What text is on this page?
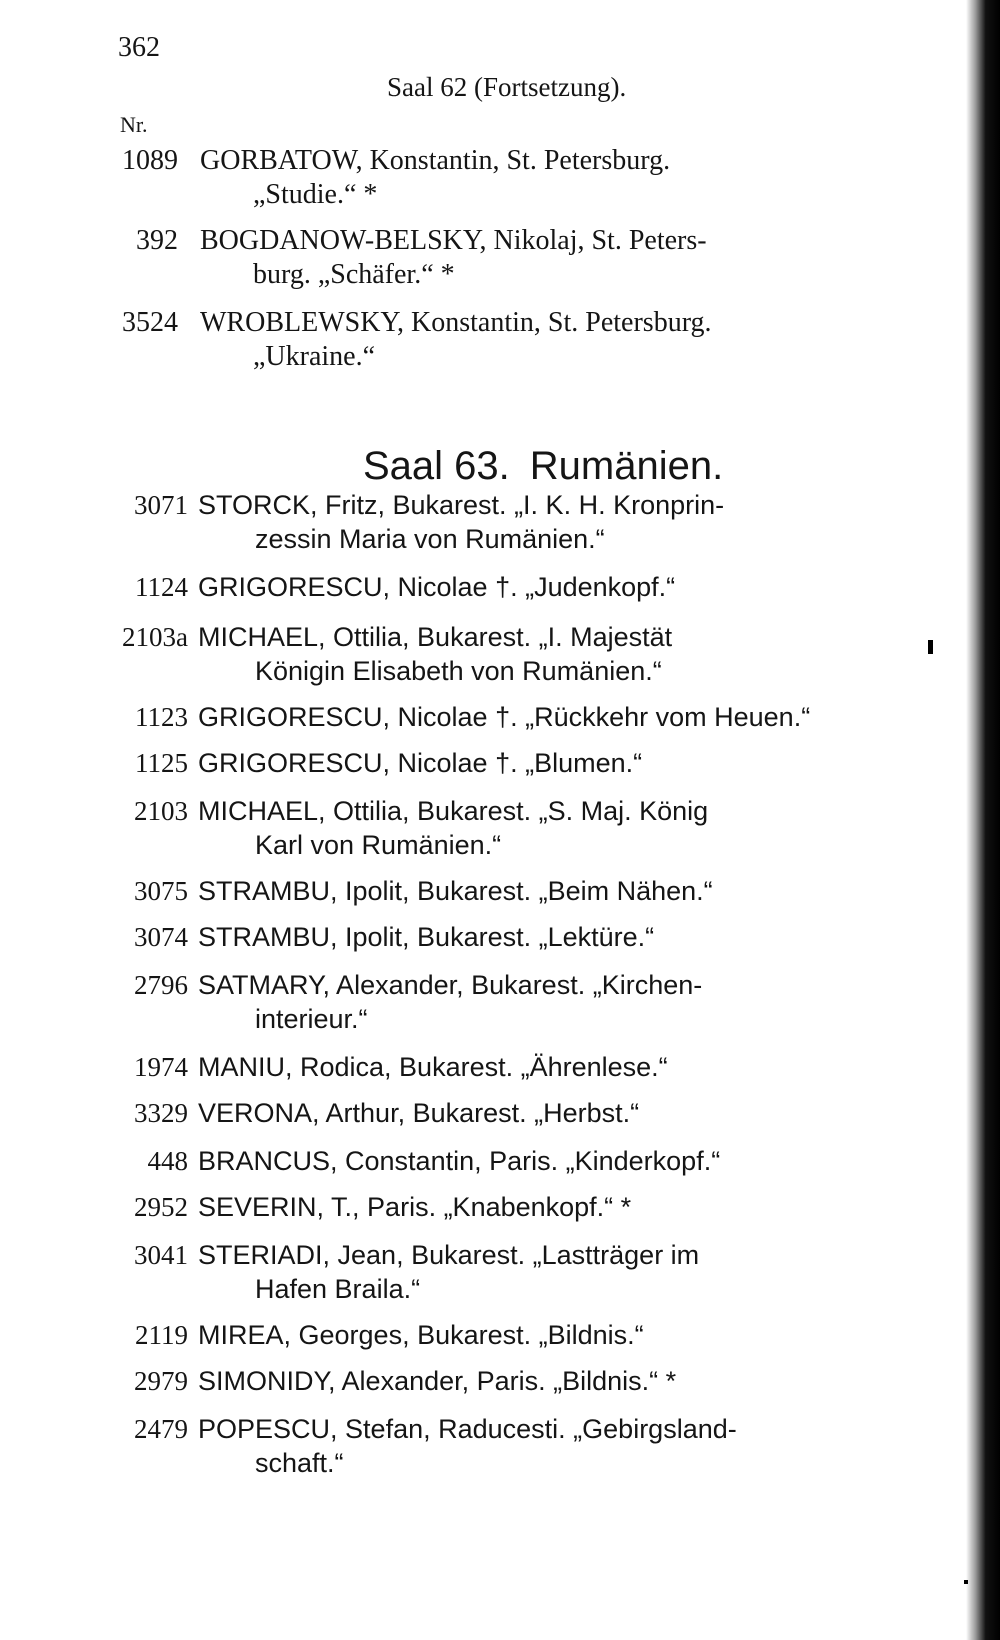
362
Saal 62 (Fortsetzung).
Nr.
1089 GORBATOW, Konstantin, St. Petersburg.
„Studie.“ *
392 BOGDANOW-BELSKY, Nikolaj, St. Peters-
burg. „Schäfer.“ *
3524 WROBLEWSKY, Konstantin, St. Petersburg.
„Ukraine.“
Saal 63. Rumänien.
3071 STORCK, Fritz, Bukarest. „I. K. H. Kronprin-
zessin Maria von Rumänien.“
1124 GRIGORESCU, Nicolae †. „Judenkopf.“
2103a MICHAEL, Ottilia, Bukarest. „I. Majestät
Königin Elisabeth von Rumänien.“
1123 GRIGORESCU, Nicolae †. „Rückkehr vom Heuen.“
1125 GRIGORESCU, Nicolae †. „Blumen.“
2103 MICHAEL, Ottilia, Bukarest. „S. Maj. König
Karl von Rumänien.“
3075 STRAMBU, Ipolit, Bukarest. „Beim Nähen.“
3074 STRAMBU, Ipolit, Bukarest. „Lektüre.“
2796 SATMARY, Alexander, Bukarest. „Kirchen-
interieur.“
1974 MANIU, Rodica, Bukarest. „Ährenlese.“
3329 VERONA, Arthur, Bukarest. „Herbst.“
448 BRANCUS, Constantin, Paris. „Kinderkopf.“
2952 SEVERIN, T., Paris. „Knabenkopf.“ *
3041 STERIADI, Jean, Bukarest. „Lastträger im
Hafen Braila.“
2119 MIREA, Georges, Bukarest. „Bildnis.“
2979 SIMONIDY, Alexander, Paris. „Bildnis.“ *
2479 POPESCU, Stefan, Raducesti. „Gebirgsland-
schaft.“
